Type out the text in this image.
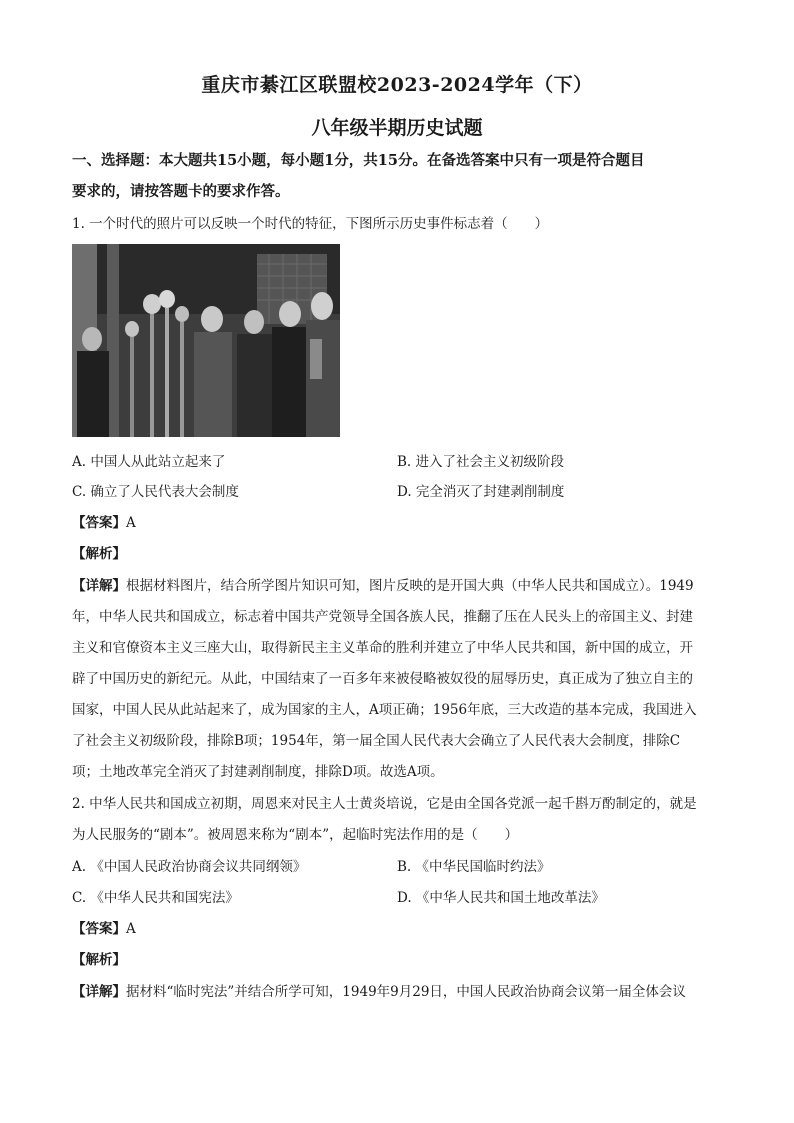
重庆市綦江区联盟校2023-2024学年（下）
八年级半期历史试题
一、选择题：本大题共15小题，每小题1分，共15分。在备选答案中只有一项是符合题目
要求的，请按答题卡的要求作答。
1. 一个时代的照片可以反映一个时代的特征，下图所示历史事件标志着（　　）
A. 中国人从此站立起来了	B. 进入了社会主义初级阶段
C. 确立了人民代表大会制度	D. 完全消灭了封建剥削制度
【答案】A
【解析】
【详解】根据材料图片，结合所学图片知识可知，图片反映的是开国大典（中华人民共和国成立）。1949
年，中华人民共和国成立，标志着中国共产党领导全国各族人民，推翻了压在人民头上的帝国主义、封建
主义和官僚资本主义三座大山，取得新民主主义革命的胜利并建立了中华人民共和国，新中国的成立，开
辟了中国历史的新纪元。从此，中国结束了一百多年来被侵略被奴役的屈辱历史，真正成为了独立自主的
国家，中国人民从此站起来了，成为国家的主人，A项正确；1956年底，三大改造的基本完成，我国进入
了社会主义初级阶段，排除B项；1954年，第一届全国人民代表大会确立了人民代表大会制度，排除C
项；土地改革完全消灭了封建剥削制度，排除D项。故选A项。
2. 中华人民共和国成立初期，周恩来对民主人士黄炎培说，它是由全国各党派一起千斟万酌制定的，就是
为人民服务的“剧本”。被周恩来称为“剧本”，起临时宪法作用的是（　　）
A. 《中国人民政治协商会议共同纲领》	B. 《中华民国临时约法》
C. 《中华人民共和国宪法》	D. 《中华人民共和国土地改革法》
【答案】A
【解析】
【详解】据材料“临时宪法”并结合所学可知，1949年9月29日，中国人民政治协商会议第一届全体会议
